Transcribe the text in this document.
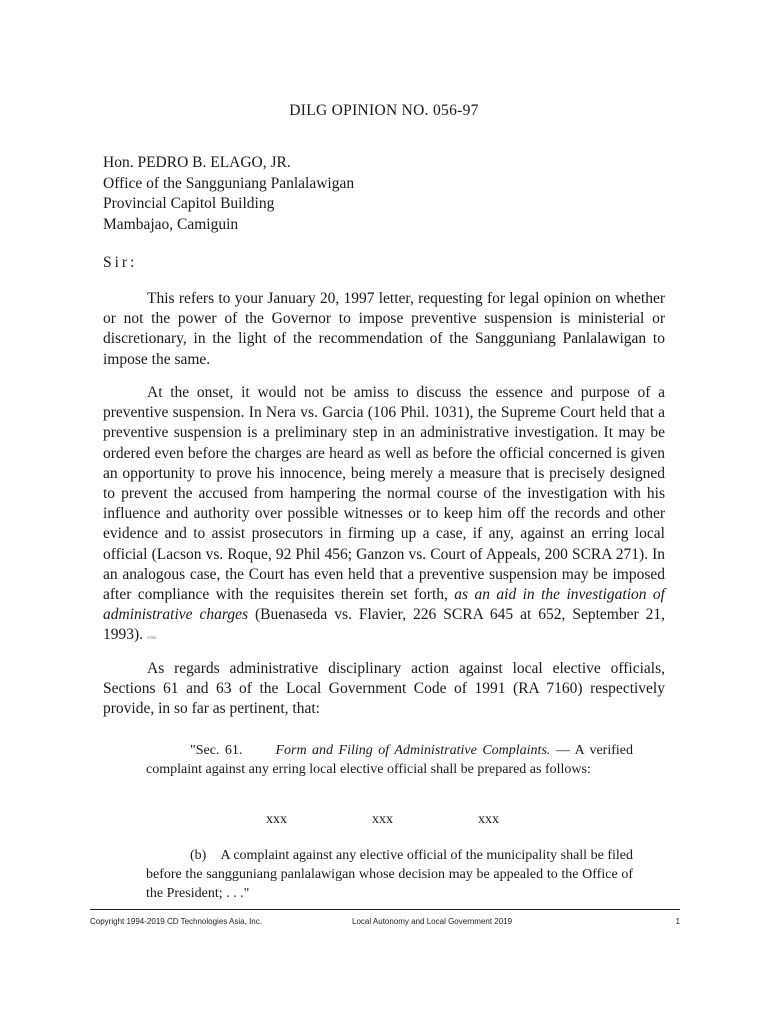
DILG OPINION NO. 056-97
Hon. PEDRO B. ELAGO, JR.
Office of the Sangguniang Panlalawigan
Provincial Capitol Building
Mambajao, Camiguin
Sir:

This refers to your January 20, 1997 letter, requesting for legal opinion on whether or not the power of the Governor to impose preventive suspension is ministerial or discretionary, in the light of the recommendation of the Sangguniang Panlalawigan to impose the same.

At the onset, it would not be amiss to discuss the essence and purpose of a preventive suspension. In Nera vs. Garcia (106 Phil. 1031), the Supreme Court held that a preventive suspension is a preliminary step in an administrative investigation. It may be ordered even before the charges are heard as well as before the official concerned is given an opportunity to prove his innocence, being merely a measure that is precisely designed to prevent the accused from hampering the normal course of the investigation with his influence and authority over possible witnesses or to keep him off the records and other evidence and to assist prosecutors in firming up a case, if any, against an erring local official (Lacson vs. Roque, 92 Phil 456; Ganzon vs. Court of Appeals, 200 SCRA 271). In an analogous case, the Court has even held that a preventive suspension may be imposed after compliance with the requisites therein set forth, as an aid in the investigation of administrative charges (Buenaseda vs. Flavier, 226 SCRA 645 at 652, September 21, 1993). cdtai

As regards administrative disciplinary action against local elective officials, Sections 61 and 63 of the Local Government Code of 1991 (RA 7160) respectively provide, in so far as pertinent, that:

"Sec. 61. Form and Filing of Administrative Complaints. — A verified complaint against any erring local elective official shall be prepared as follows:

xxx	xxx	xxx

(b) A complaint against any elective official of the municipality shall be filed before the sangguniang panlalawigan whose decision may be appealed to the Office of the President; . . ."

Copyright 1994-2019 CD Technologies Asia, Inc.	Local Autonomy and Local Government 2019	1
